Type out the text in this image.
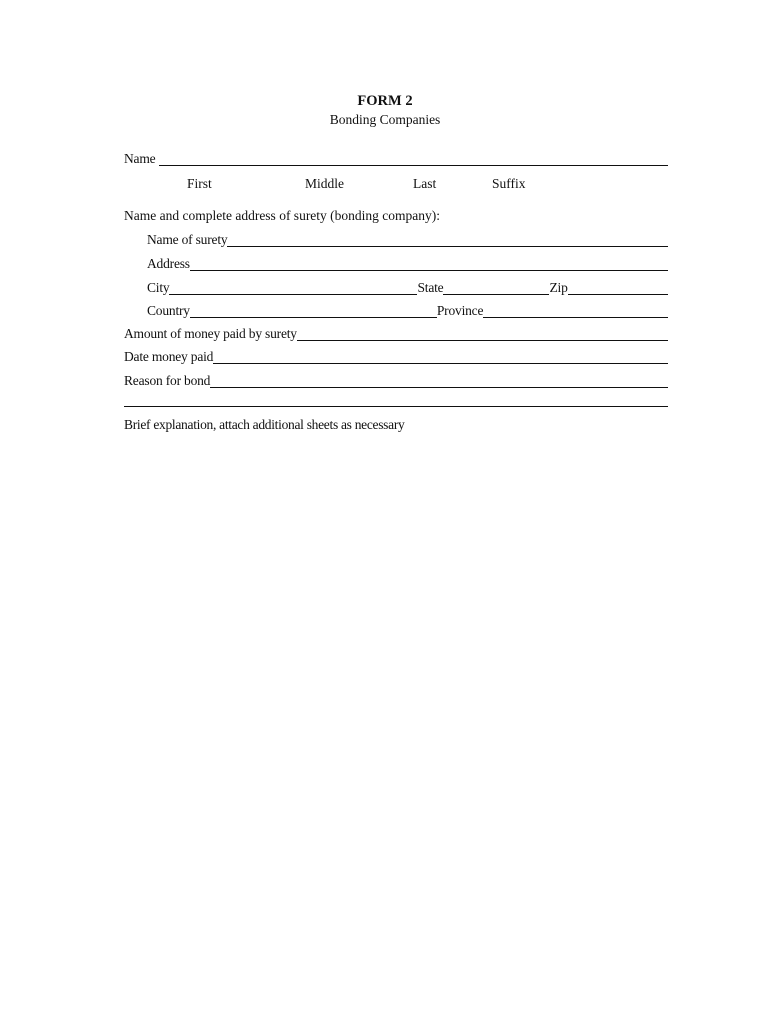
FORM 2
Bonding Companies
Name
First	Middle	Last	Suffix
Name and complete address of surety (bonding company):
Name of surety
Address
City	State	Zip
Country	Province
Amount of money paid by surety
Date money paid
Reason for bond
Brief explanation, attach additional sheets as necessary
